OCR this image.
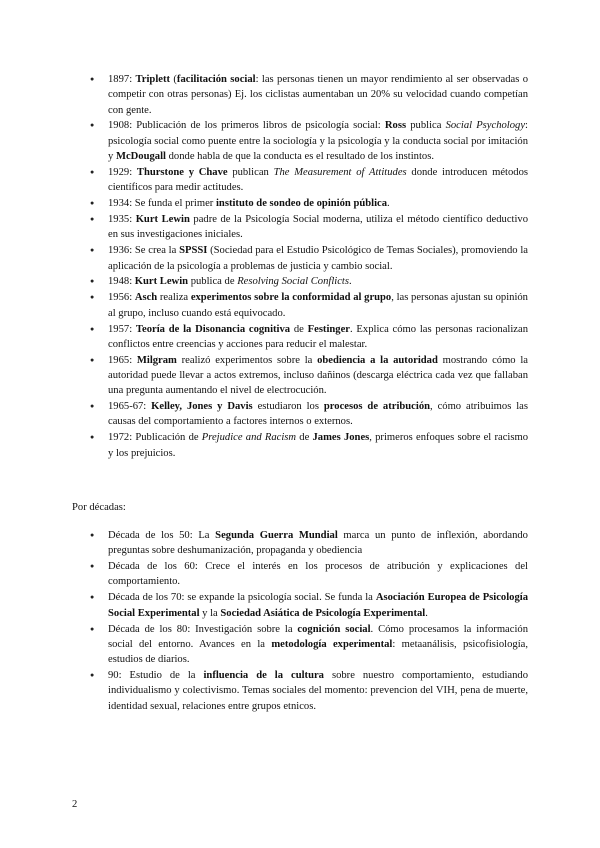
● 1897: Triplett (facilitación social: las personas tienen un mayor rendimiento al ser observadas o competir con otras personas) Ej. los ciclistas aumentaban un 20% su velocidad cuando competían con gente.
● 1908: Publicación de los primeros libros de psicología social: Ross publica Social Psychology: psicología social como puente entre la sociología y la psicología y la conducta social por imitación y McDougall donde habla de que la conducta es el resultado de los instintos.
● 1929: Thurstone y Chave publican The Measurement of Attitudes donde introducen métodos científicos para medir actitudes.
● 1934: Se funda el primer instituto de sondeo de opinión pública.
● 1935: Kurt Lewin padre de la Psicología Social moderna, utiliza el método científico deductivo en sus investigaciones iniciales.
● 1936: Se crea la SPSSI (Sociedad para el Estudio Psicológico de Temas Sociales), promoviendo la aplicación de la psicología a problemas de justicia y cambio social.
● 1948: Kurt Lewin publica de Resolving Social Conflicts.
● 1956: Asch realiza experimentos sobre la conformidad al grupo, las personas ajustan su opinión al grupo, incluso cuando está equivocado.
● 1957: Teoría de la Disonancia cognitiva de Festinger. Explica cómo las personas racionalizan conflictos entre creencias y acciones para reducir el malestar.
● 1965: Milgram realizó experimentos sobre la obediencia a la autoridad mostrando cómo la autoridad puede llevar a actos extremos, incluso dañinos (descarga eléctrica cada vez que fallaban una pregunta aumentando el nivel de electrocución.
● 1965-67: Kelley, Jones y Davis estudiaron los procesos de atribución, cómo atribuimos las causas del comportamiento a factores internos o externos.
● 1972: Publicación de Prejudice and Racism de James Jones, primeros enfoques sobre el racismo y los prejuicios.
Por décadas:
● Década de los 50: La Segunda Guerra Mundial marca un punto de inflexión, abordando preguntas sobre deshumanización, propaganda y obediencia
● Década de los 60: Crece el interés en los procesos de atribución y explicaciones del comportamiento.
● Década de los 70: se expande la psicología social. Se funda la Asociación Europea de Psicología Social Experimental y la Sociedad Asiática de Psicología Experimental.
● Década de los 80: Investigación sobre la cognición social. Cómo procesamos la información social del entorno. Avances en la metodología experimental: metaanálisis, psicofisiología, estudios de diarios.
● 90: Estudio de la influencia de la cultura sobre nuestro comportamiento, estudiando individualismo y colectivismo. Temas sociales del momento: prevencion del VIH, pena de muerte, identidad sexual, relaciones entre grupos etnicos.
2
